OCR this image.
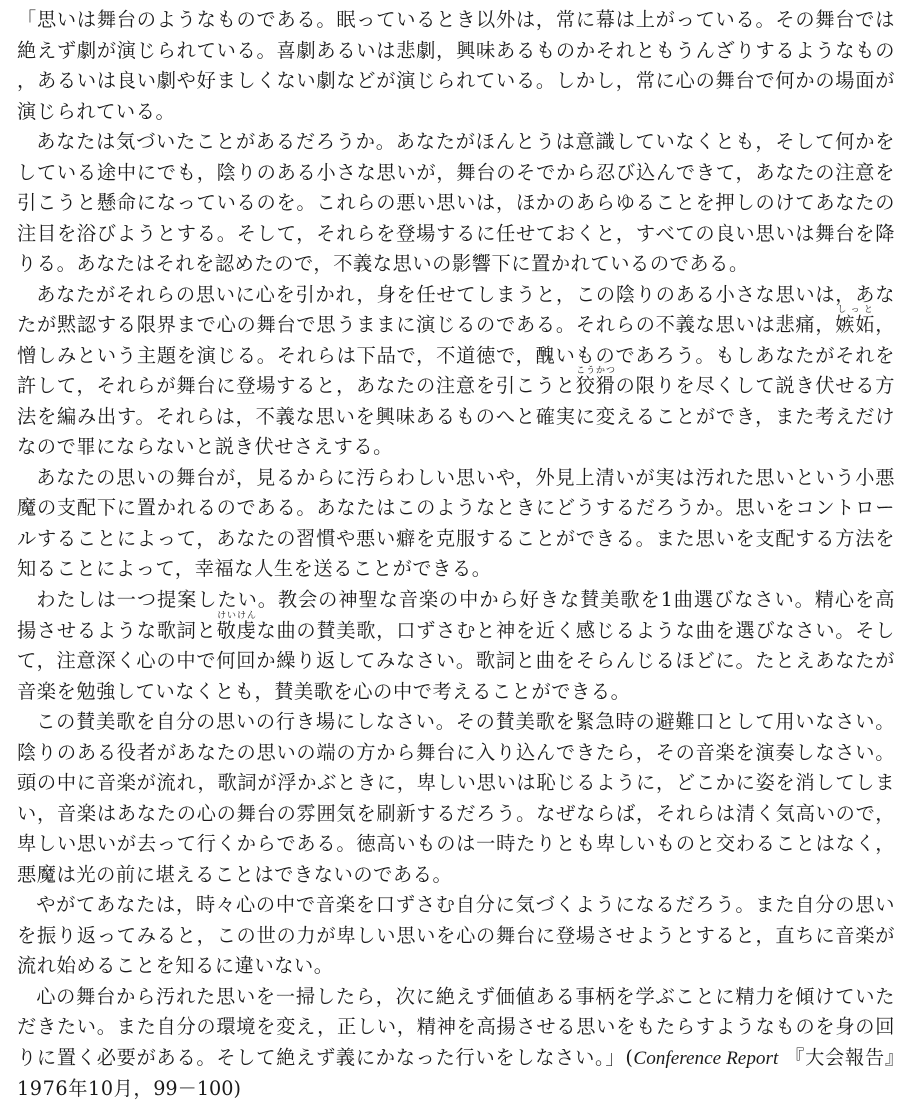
「思いは舞台のようなものである。眠っているとき以外は，常に幕は上がっている。その舞台では絶えず劇が演じられている。喜劇あるいは悲劇，興味あるものかそれともうんざりするようなもの，あるいは良い劇や好ましくない劇などが演じられている。しかし，常に心の舞台で何かの場面が演じられている。

あなたは気づいたことがあるだろうか。あなたがほんとうは意識していなくとも，そして何かをしている途中にでも，陰りのある小さな思いが，舞台のそでから忍び込んできて，あなたの注意を引こうと懸命になっているのを。これらの悪い思いは，ほかのあらゆることを押しのけてあなたの注目を浴びようとする。そして，それらを登場するに任せておくと，すべての良い思いは舞台を降りる。あなたはそれを認めたので，不義な思いの影響下に置かれているのである。

あなたがそれらの思いに心を引かれ，身を任せてしまうと，この陰りのある小さな思いは，あなたが黙認する限界まで心の舞台で思うままに演じるのである。それらの不義な思いは悲痛，嫉妬しっと，憎しみという主題を演じる。それらは下品で，不道徳で，醜いものであろう。もしあなたがそれを許して，それらが舞台に登場すると，あなたの注意を引こうと狡猾こうかつの限りを尽くして説き伏せる方法を編み出す。それらは，不義な思いを興味あるものへと確実に変えることができ，また考えだけなので罪にならないと説き伏せさえする。

あなたの思いの舞台が，見るからに汚らわしい思いや，外見上清いが実は汚れた思いという小悪魔の支配下に置かれるのである。あなたはこのようなときにどうするだろうか。思いをコントロールすることによって，あなたの習慣や悪い癖を克服することができる。また思いを支配する方法を知ることによって，幸福な人生を送ることができる。

わたしは一つ提案したい。教会の神聖な音楽の中から好きな賛美歌を1曲選びなさい。精心を高揚させるような歌詞と敬虔けいけんな曲の賛美歌，口ずさむと神を近く感じるような曲を選びなさい。そして，注意深く心の中で何回か繰り返してみなさい。歌詞と曲をそらんじるほどに。たとえあなたが音楽を勉強していなくとも，賛美歌を心の中で考えることができる。

この賛美歌を自分の思いの行き場にしなさい。その賛美歌を緊急時の避難口として用いなさい。陰りのある役者があなたの思いの端の方から舞台に入り込んできたら，その音楽を演奏しなさい。頭の中に音楽が流れ，歌詞が浮かぶときに，卑しい思いは恥じるように，どこかに姿を消してしまい，音楽はあなたの心の舞台の雰囲気を刷新するだろう。なぜならば，それらは清く気高いので，卑しい思いが去って行くからである。徳高いものは一時たりとも卑しいものと交わることはなく，悪魔は光の前に堪えることはできないのである。

やがてあなたは，時々心の中で音楽を口ずさむ自分に気づくようになるだろう。また自分の思いを振り返ってみると，この世の力が卑しい思いを心の舞台に登場させようとすると，直ちに音楽が流れ始めることを知るに違いない。

心の舞台から汚れた思いを一掃したら，次に絶えず価値ある事柄を学ぶことに精力を傾けていただきたい。また自分の環境を変え，正しい，精神を高揚させる思いをもたらすようなものを身の回りに置く必要がある。そして絶えず義にかなった行いをしなさい。」(Conference Report 『大会報告』1976年10月，99－100)
